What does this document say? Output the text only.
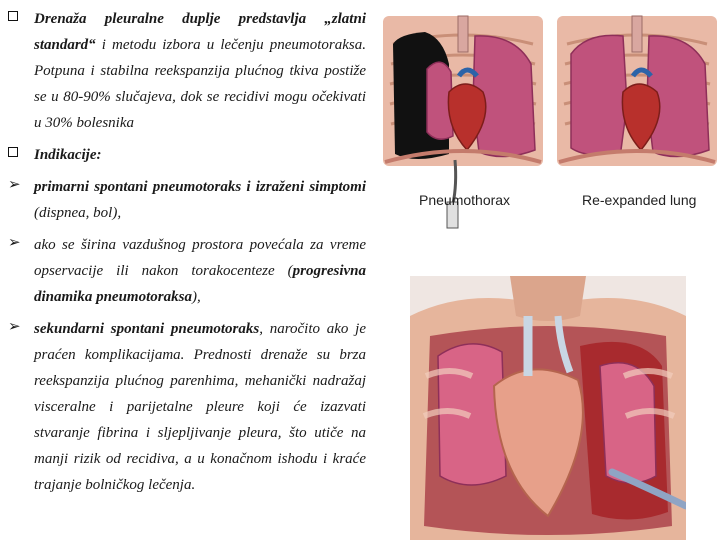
Drenaža pleuralne duplje predstavlja „zlatni standard“ i metodu izbora u lečenju pneumotoraksa. Potpuna i stabilna reekspanzija plućnog tkiva postiže se u 80-90% slučajeva, dok se recidivi mogu očekivati u 30% bolesnika

Indikacije:

➢ primarni spontani pneumotoraks i izraženi simptomi (dispnea, bol),

➢ ako se širina vazdušnog prostora povećala za vreme opservacije ili nakon torakocenteze (progresivna dinamika pneumotoraksa),

➢ sekundarni spontani pneumotoraks, naročito ako je praćen komplikacijama. Prednosti drenaže su brza reekspanzija plućnog parenhima, mehanički nadražaj visceralne i parijetalne pleure koji će izazvati stvaranje fibrina i sljepljivanje pleura, što utiče na manji rizik od recidiva, a u konačnom ishodu i kraće trajanje bolničkog lečenja.

Pneumothorax	Re-expanded lung
